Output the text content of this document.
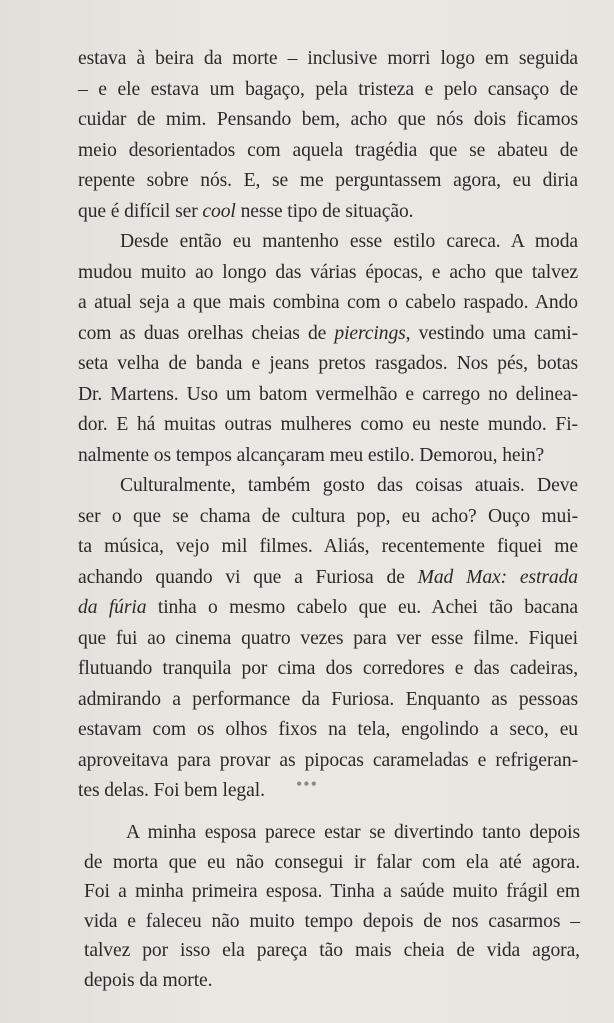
estava à beira da morte – inclusive morri logo em seguida
– e ele estava um bagaço, pela tristeza e pelo cansaço de
cuidar de mim. Pensando bem, acho que nós dois ficamos
meio desorientados com aquela tragédia que se abateu de
repente sobre nós. E, se me perguntassem agora, eu diria
que é difícil ser cool nesse tipo de situação.

Desde então eu mantenho esse estilo careca. A moda
mudou muito ao longo das várias épocas, e acho que talvez
a atual seja a que mais combina com o cabelo raspado. Ando
com as duas orelhas cheias de piercings, vestindo uma cami-
seta velha de banda e jeans pretos rasgados. Nos pés, botas
Dr. Martens. Uso um batom vermelhão e carrego no delinea-
dor. E há muitas outras mulheres como eu neste mundo. Fi-
nalmente os tempos alcançaram meu estilo. Demorou, hein?

Culturalmente, também gosto das coisas atuais. Deve
ser o que se chama de cultura pop, eu acho? Ouço mui-
ta música, vejo mil filmes. Aliás, recentemente fiquei me
achando quando vi que a Furiosa de Mad Max: estrada
da fúria tinha o mesmo cabelo que eu. Achei tão bacana
que fui ao cinema quatro vezes para ver esse filme. Fiquei
flutuando tranquila por cima dos corredores e das cadeiras,
admirando a performance da Furiosa. Enquanto as pessoas
estavam com os olhos fixos na tela, engolindo a seco, eu
aproveitava para provar as pipocas carameladas e refrigeran-
tes delas. Foi bem legal.	•••

A minha esposa parece estar se divertindo tanto depois
de morta que eu não consegui ir falar com ela até agora.
Foi a minha primeira esposa. Tinha a saúde muito frágil em
vida e faleceu não muito tempo depois de nos casarmos –
talvez por isso ela pareça tão mais cheia de vida agora,
depois da morte.
